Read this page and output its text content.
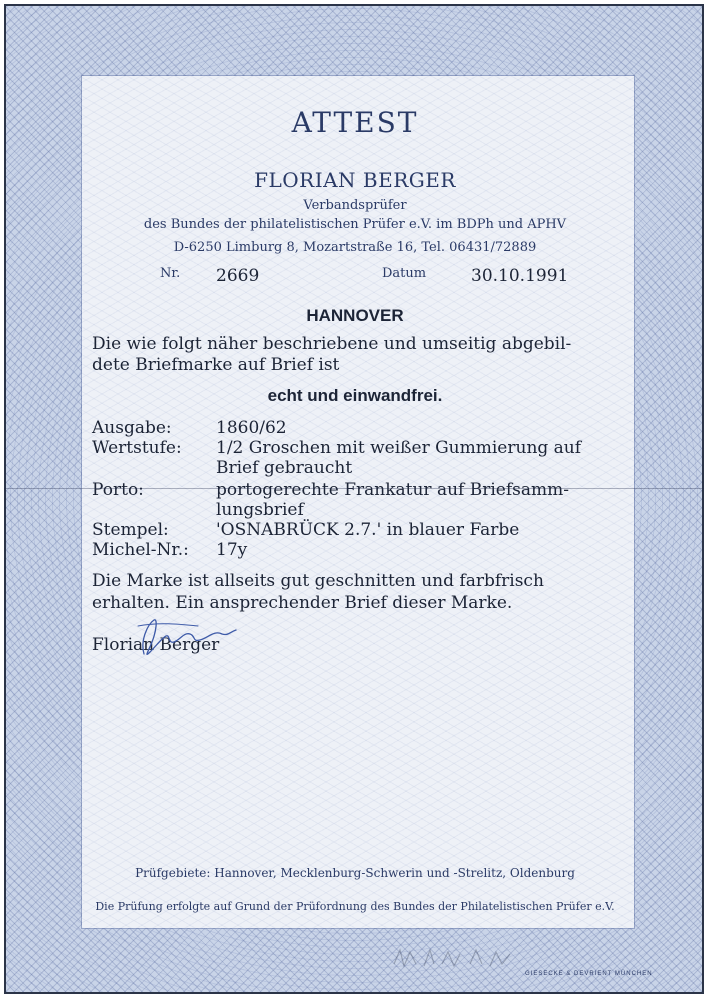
ATTEST
FLORIAN BERGER
Verbandsprüfer
des Bundes der philatelistischen Prüfer e.V. im BDPh und APHV
D-6250 Limburg 8, Mozartstraße 16, Tel. 06431/72889
Nr. 2669	Datum	30.10.1991
HANNOVER
Die wie folgt näher beschriebene und umseitig abgebil-
dete Briefmarke auf Brief ist
echt und einwandfrei.
Ausgabe:	1860/62
Wertstufe: 1/2 Groschen mit weißer Gummierung auf
Brief gebraucht
Porto:	portogerechte Frankatur auf Briefsamm-
lungsbrief
Stempel:	'OSNABRÜCK 2.7.' in blauer Farbe
Michel-Nr.: 17y
Die Marke ist allseits gut geschnitten und farbfrisch
erhalten. Ein ansprechender Brief dieser Marke.
Florian Berger
Prüfgebiete: Hannover, Mecklenburg-Schwerin und -Strelitz, Oldenburg
Die Prüfung erfolgte auf Grund der Prüfordnung des Bundes der Philatelistischen Prüfer e.V.
GIESECKE & DEVRIENT MÜNCHEN
